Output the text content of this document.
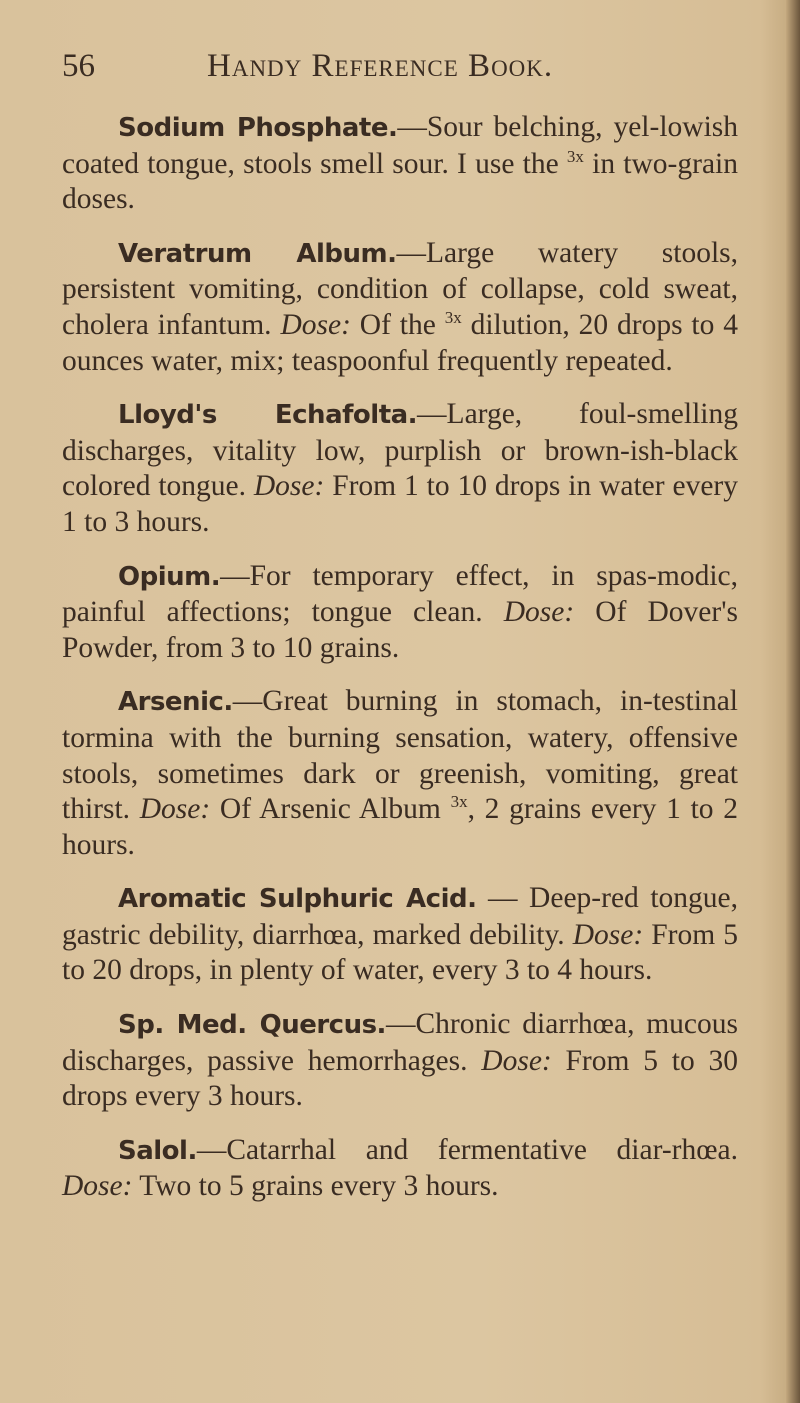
56	Handy Reference Book.

Sodium Phosphate.—Sour belching, yel-lowish coated tongue, stools smell sour. I use the $^{3x}$ in two-grain doses.

Veratrum Album.—Large watery stools, persistent vomiting, condition of collapse, cold sweat, cholera infantum. Dose: Of the $^{3x}$ dilution, 20 drops to 4 ounces water, mix; teaspoonful frequently repeated.

Lloyd's Echafolta.—Large, foul-smelling discharges, vitality low, purplish or brown-ish-black colored tongue. Dose: From 1 to 10 drops in water every 1 to 3 hours.

Opium.—For temporary effect, in spas-modic, painful affections; tongue clean. Dose: Of Dover's Powder, from 3 to 10 grains.

Arsenic.—Great burning in stomach, in-testinal tormina with the burning sensation, watery, offensive stools, sometimes dark or greenish, vomiting, great thirst. Dose: Of Arsenic Album $^{3x}$, 2 grains every 1 to 2 hours.

Aromatic Sulphuric Acid. — Deep-red tongue, gastric debility, diarrhœa, marked debility. Dose: From 5 to 20 drops, in plenty of water, every 3 to 4 hours.

Sp. Med. Quercus.—Chronic diarrhœa, mucous discharges, passive hemorrhages. Dose: From 5 to 30 drops every 3 hours.

Salol.—Catarrhal and fermentative diar-rhœa. Dose: Two to 5 grains every 3 hours.
